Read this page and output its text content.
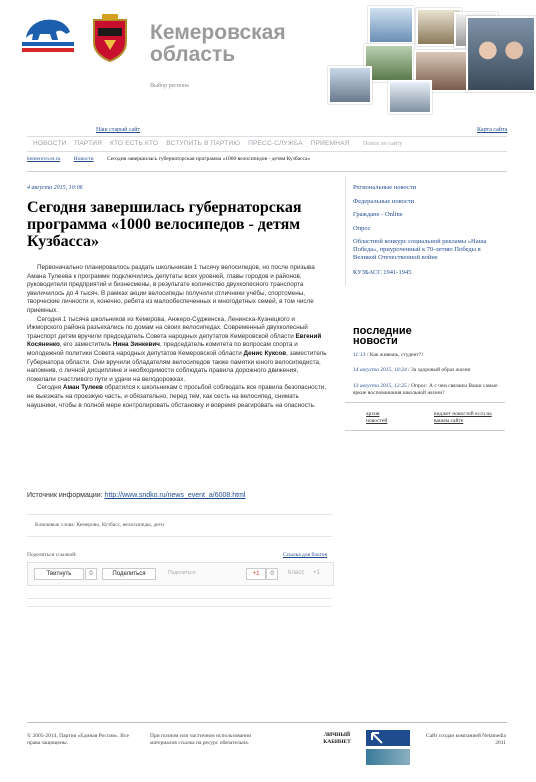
Кемеровская
область
Выбор региона
Наш старый сайт	Карта сайта
НОВОСТИ ПАРТИЯ КТО ЕСТЬ КТО ВСТУПИТЬ В ПАРТИЮ ПРЕСС-СЛУЖБА ПРИЕМНАЯ	Поиск по сайту
kemerovo.er.ru Новости Сегодня завершилась губернаторская программа «1000 велосипедов - детям Кузбасса»
4 августа 2015, 10:06
Сегодня завершилась губернаторская программа «1000 велосипедов - детям Кузбасса»

Первоначально планировалось раздать школьникам 1 тысячу велосипедов, но после призыва Амана Тулеева к программе подключились депутаты всех уровней, главы городов и районов, руководители предприятий и бизнесмены, в результате количество двухколесного транспорта увеличилось до 4 тысяч. В рамках акции велосипеды получили отличники учёбы, спортсмены, творческие личности и, конечно, ребята из малообеспеченных и многодетных семей, в том числе приемных.

Сегодня 1 тысяча школьников из Кемерова, Анжеро-Судженска, Ленинска-Кузнецкого и Ижморского района разъехались по домам на своих велосипедах. Современный двухколесный транспорт детям вручили председатель Совета народных депутатов Кемеровской области Евгений Косяненко, его заместитель Нина Зинкевич, председатель комитета по вопросам спорта и молодежной политики Совета народных депутатов Кемеровской области Денис Куксов, заместитель Губернатора области. Они вручили обладателям велосипедов также памятки юного велосипедиста, напомнив, о личной дисциплине и необходимости соблюдать правила дорожного движения, пожелали счастливого пути и удачи на велодорожках.

Сегодня Аман Тулеев обратился к школьникам с просьбой соблюдать все правила безопасности, не выезжать на проезжую часть, и обязательно, перед тем, как сесть на велосипед, снимать наушники, чтобы в полной мере контролировать обстановку и вовремя реагировать на опасность.

Источник информации: http://www.sndko.ru/news_event_a/6008.html
Ключевые слова: Кемерово, Кузбасс, велосипеды, дети
Поделиться ссылкой:	Ссылка для блогов
Твитнуть	0	Поделиться	Поделиться	+1	0	Класс +1
Региональные новости
Федеральные новости
Граждане - Online
Опрос
Областной конкурс социальной рекламы «Наша Победа», приуроченный к 70-летию Победы в Великой Отечественной войне
КУЗБАСС 1941-1945
последние
новости
11:13 / Как живешь, студент?!
14 августа 2015, 10:24 / За здоровый образ жизни
13 августа 2015, 12:25 / Опрос: А с чем связаны Ваши самые яркие воспоминания школьной жизни?
архив новостей
виджет новостей er.ru на вашем сайте
© 2005-2014, Партия «Единая Россия». Все права защищены.
При полном или частичном использовании материалов ссылка на ресурс обязательна.
ЛИЧНЫЙ КАБИНЕТ
Сайт создан компанией Netamedia 2011
